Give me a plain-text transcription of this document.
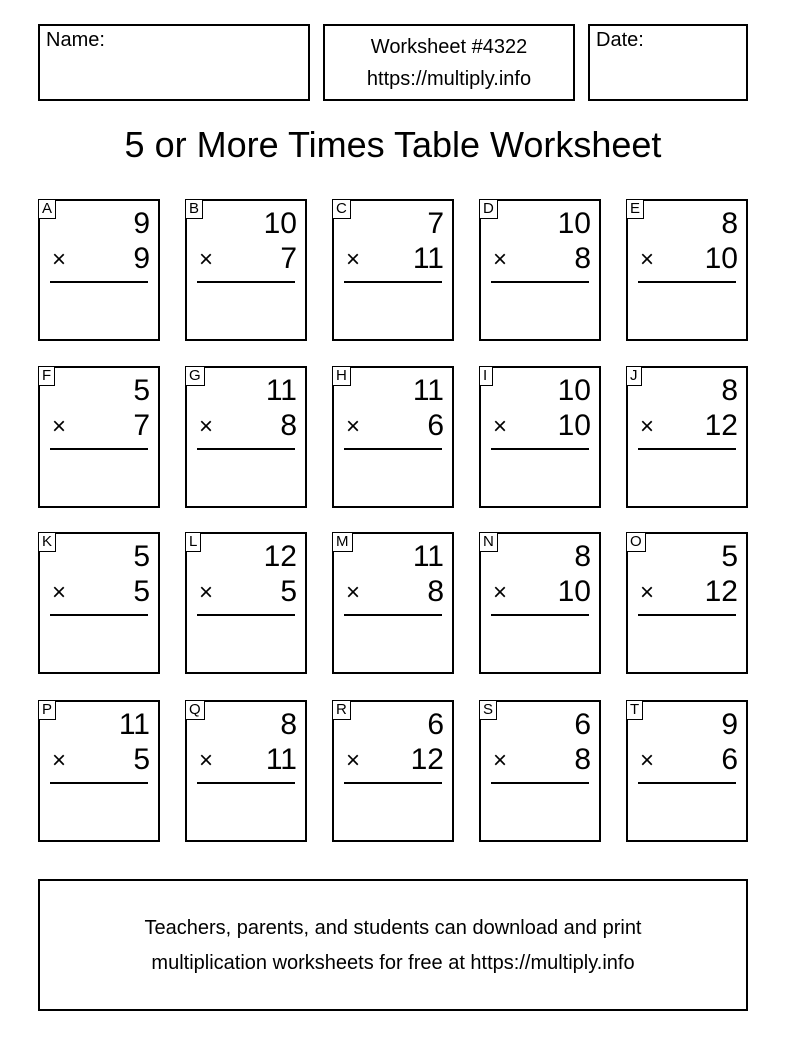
Name:	Worksheet #4322
https://multiply.info
Date:
5 or More Times Table Worksheet
A	9
× 9
B 10
× 7
C	7
× 11
D 10
× 8
E	8
× 10
F	5
× 7
G 11
× 8
H 11
× 6
I 10
× 10
J	8
× 12
K	5
× 5
L 12
× 5
M 11
× 8
N	8
× 10
O	5
× 12
P 11
× 5
Q	8
× 11
R	6
× 12
S	6
× 8
T	9
× 6
Teachers, parents, and students can download and print
multiplication worksheets for free at https://multiply.info
